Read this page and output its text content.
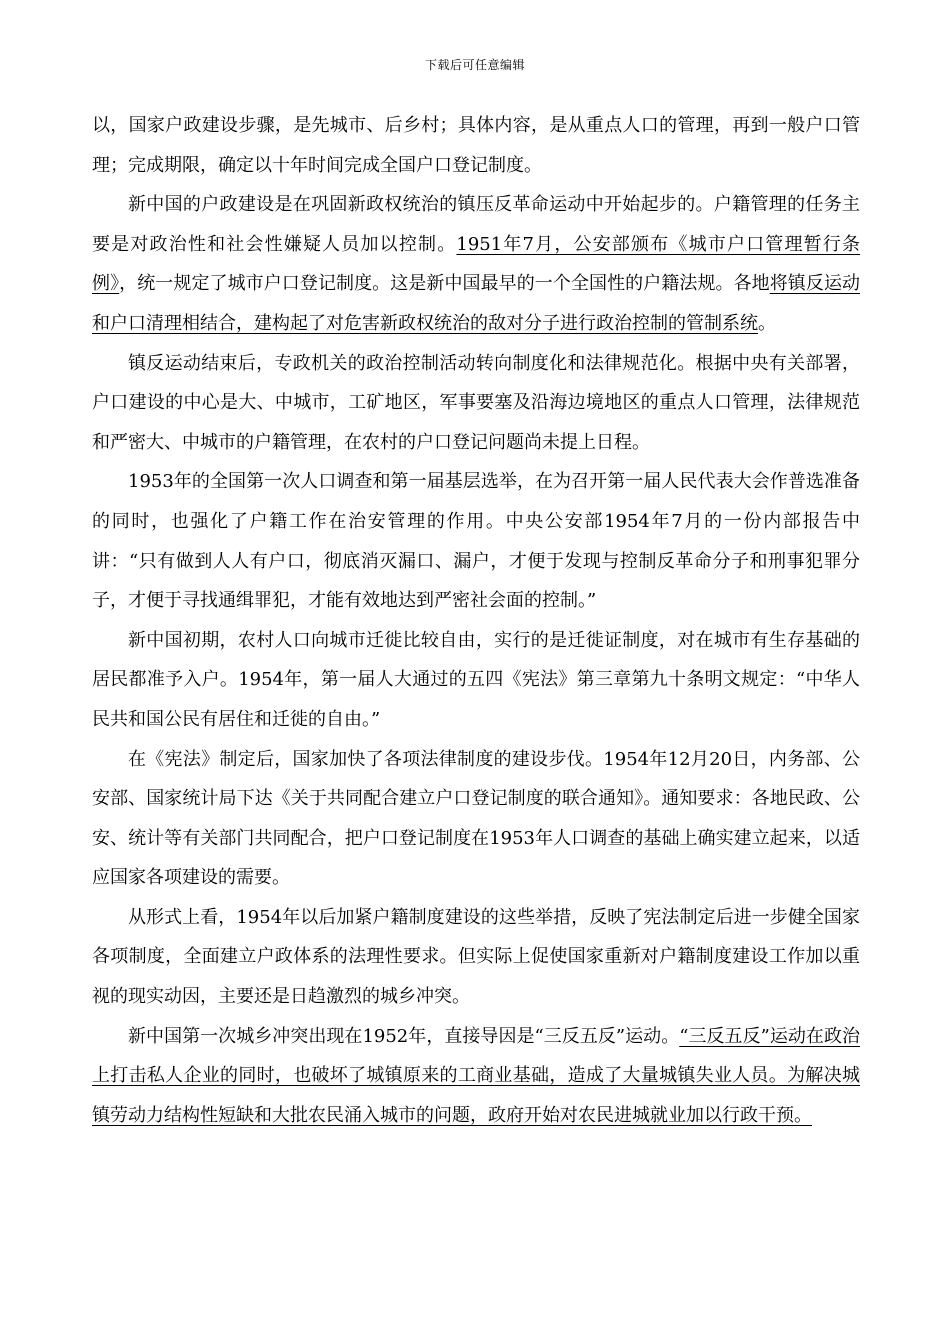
下载后可任意编辑

以，国家户政建设步骤，是先城市、后乡村；具体内容，是从重点人口的管理，再到一般户口管理；完成期限，确定以十年时间完成全国户口登记制度。

新中国的户政建设是在巩固新政权统治的镇压反革命运动中开始起步的。户籍管理的任务主要是对政治性和社会性嫌疑人员加以控制。1951年7月，公安部颁布《城市户口管理暂行条例》，统一规定了城市户口登记制度。这是新中国最早的一个全国性的户籍法规。各地将镇反运动和户口清理相结合，建构起了对危害新政权统治的敌对分子进行政治控制的管制系统。

镇反运动结束后，专政机关的政治控制活动转向制度化和法律规范化。根据中央有关部署，户口建设的中心是大、中城市，工矿地区，军事要塞及沿海边境地区的重点人口管理，法律规范和严密大、中城市的户籍管理，在农村的户口登记问题尚未提上日程。

1953年的全国第一次人口调查和第一届基层选举，在为召开第一届人民代表大会作普选准备的同时，也强化了户籍工作在治安管理的作用。中央公安部1954年7月的一份内部报告中讲：“只有做到人人有户口，彻底消灭漏口、漏户，才便于发现与控制反革命分子和刑事犯罪分子，才便于寻找通缉罪犯，才能有效地达到严密社会面的控制。”

新中国初期，农村人口向城市迁徙比较自由，实行的是迁徙证制度，对在城市有生存基础的居民都准予入户。1954年，第一届人大通过的五四《宪法》第三章第九十条明文规定：“中华人民共和国公民有居住和迁徙的自由。”

在《宪法》制定后，国家加快了各项法律制度的建设步伐。1954年12月20日，内务部、公安部、国家统计局下达《关于共同配合建立户口登记制度的联合通知》。通知要求：各地民政、公安、统计等有关部门共同配合，把户口登记制度在1953年人口调查的基础上确实建立起来，以适应国家各项建设的需要。

从形式上看，1954年以后加紧户籍制度建设的这些举措，反映了宪法制定后进一步健全国家各项制度，全面建立户政体系的法理性要求。但实际上促使国家重新对户籍制度建设工作加以重视的现实动因，主要还是日趋激烈的城乡冲突。

新中国第一次城乡冲突出现在1952年，直接导因是“三反五反”运动。“三反五反”运动在政治上打击私人企业的同时，也破坏了城镇原来的工商业基础，造成了大量城镇失业人员。为解决城镇劳动力结构性短缺和大批农民涌入城市的问题，政府开始对农民进城就业加以行政干预。
